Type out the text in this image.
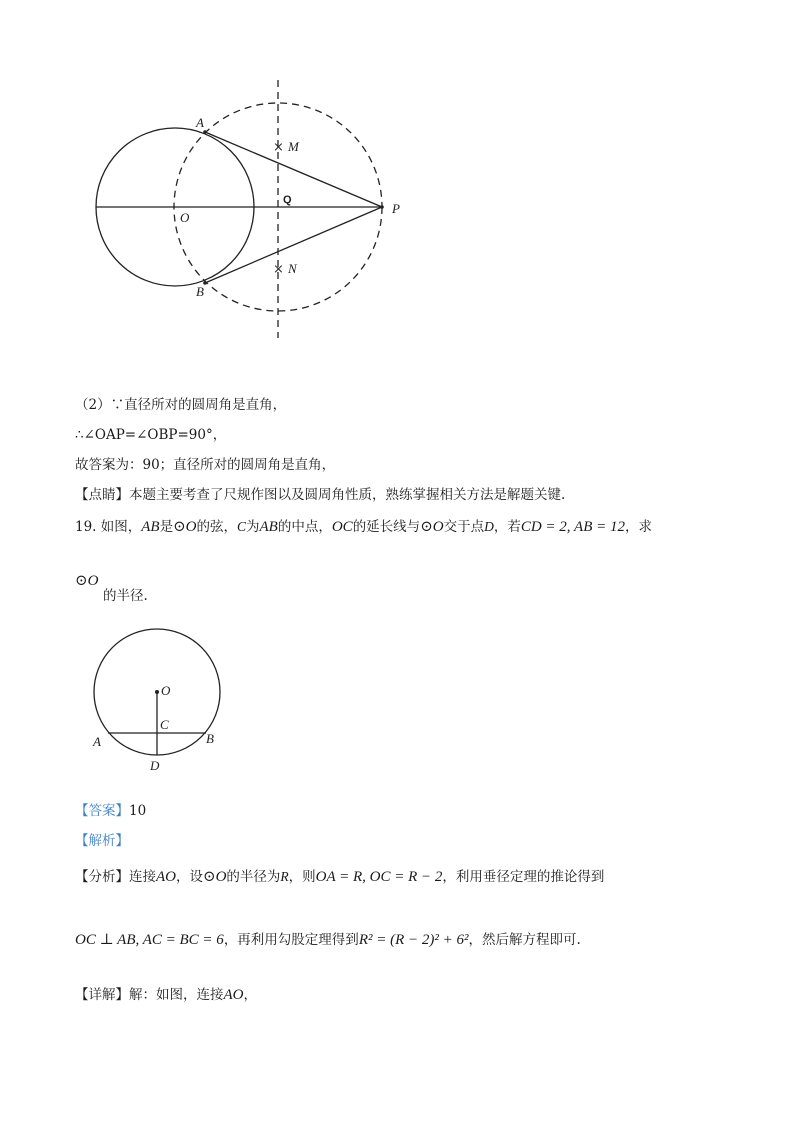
×
×
A
B
O
P
Q
M
N
（2）∵直径所对的圆周角是直角，
∴∠OAP=∠OBP=90°，
故答案为：90；直径所对的圆周角是直角，
【点睛】本题主要考查了尺规作图以及圆周角性质，熟练掌握相关方法是解题关键.
19. 如图，AB是⊙O的弦，C为AB的中点，OC的延长线与⊙O交于点D，若CD = 2, AB = 12，求
⊙O
的半径.
O
C
A	B
D
【答案】10
【解析】
【分析】连接AO，设⊙O的半径为R，则OA = R, OC = R − 2，利用垂径定理的推论得到
OC ⊥ AB, AC = BC = 6，再利用勾股定理得到R² = (R − 2)² + 6²，然后解方程即可.
【详解】解：如图，连接AO，
